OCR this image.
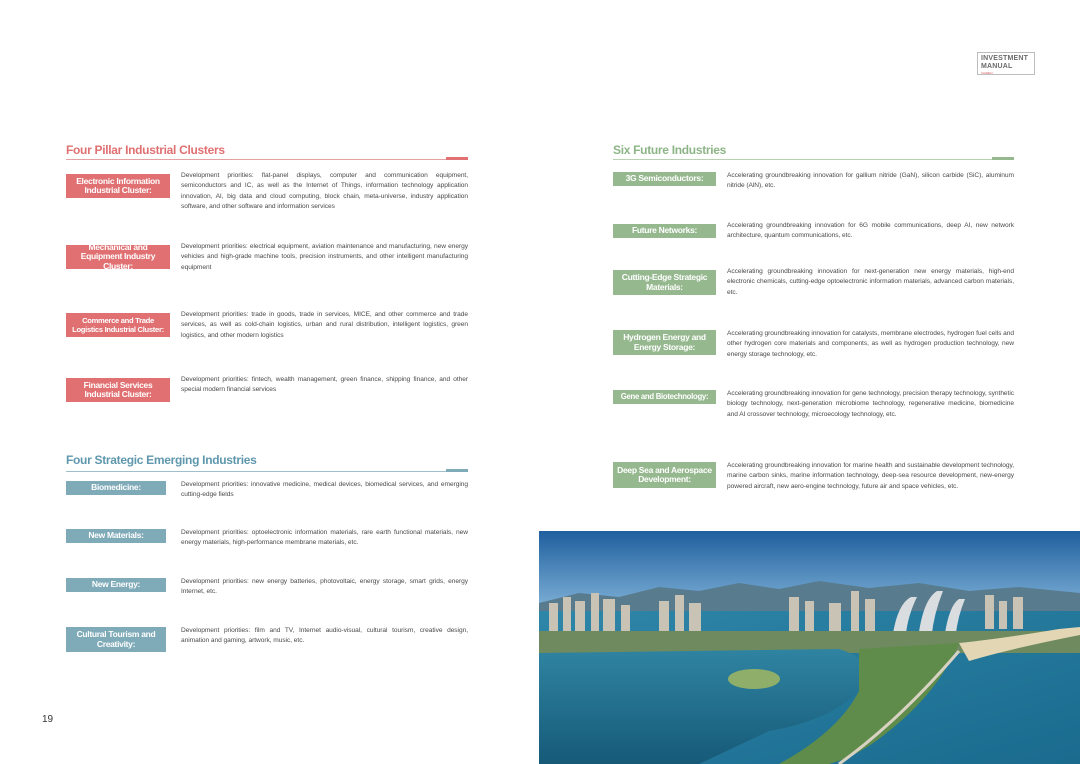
INVESTMENT
MANUAL
XIAMEN
Four Pillar Industrial Clusters
Electronic Information Industrial Cluster:
Development priorities: flat-panel displays, computer and communication equipment, semiconductors and IC, as well as the Internet of Things, information technology application innovation, AI, big data and cloud computing, block chain, meta-universe, industry application software, and other software and information services
Mechanical and Equipment Industry Cluster:
Development priorities: electrical equipment, aviation maintenance and manufacturing, new energy vehicles and high-grade machine tools, precision instruments, and other intelligent manufacturing equipment
Commerce and Trade Logistics Industrial Cluster:
Development priorities: trade in goods, trade in services, MICE, and other commerce and trade services, as well as cold-chain logistics, urban and rural distribution, intelligent logistics, green logistics, and other modern logistics
Financial Services Industrial Cluster:
Development priorities: fintech, wealth management, green finance, shipping finance, and other special modern financial services
Four Strategic Emerging Industries
Biomedicine:	Development priorities: innovative medicine, medical devices, biomedical services, and emerging cutting-edge fields
New Materials:	Development priorities: optoelectronic information materials, rare earth functional materials, new energy materials, high-performance membrane materials, etc.
New Energy:	Development priorities: new energy batteries, photovoltaic, energy storage, smart grids, energy Internet, etc.
Cultural Tourism and Creativity:
Development priorities: film and TV, Internet audio-visual, cultural tourism, creative design, animation and gaming, artwork, music, etc.
Six Future Industries
3G Semiconductors:	Accelerating groundbreaking innovation for gallium nitride (GaN), silicon carbide (SiC), aluminum nitride (AlN), etc.
Future Networks:	Accelerating groundbreaking innovation for 6G mobile communications, deep AI, new network architecture, quantum communications, etc.
Cutting-Edge Strategic Materials:
Accelerating groundbreaking innovation for next-generation new energy materials, high-end electronic chemicals, cutting-edge optoelectronic information materials, advanced carbon materials, etc.
Hydrogen Energy and Energy Storage:
Accelerating groundbreaking innovation for catalysts, membrane electrodes, hydrogen fuel cells and other hydrogen core materials and components, as well as hydrogen production technology, new energy storage technology, etc.
Gene and Biotechnology:	Accelerating groundbreaking innovation for gene technology, precision therapy technology, synthetic biology technology, next-generation microbiome technology, regenerative medicine, biomedicine and AI crossover technology, microecology technology, etc.
Deep Sea and Aerospace Development:
Accelerating groundbreaking innovation for marine health and sustainable development technology, marine carbon sinks, marine information technology, deep-sea resource development, new-energy powered aircraft, new aero-engine technology, future air and space vehicles, etc.
19
